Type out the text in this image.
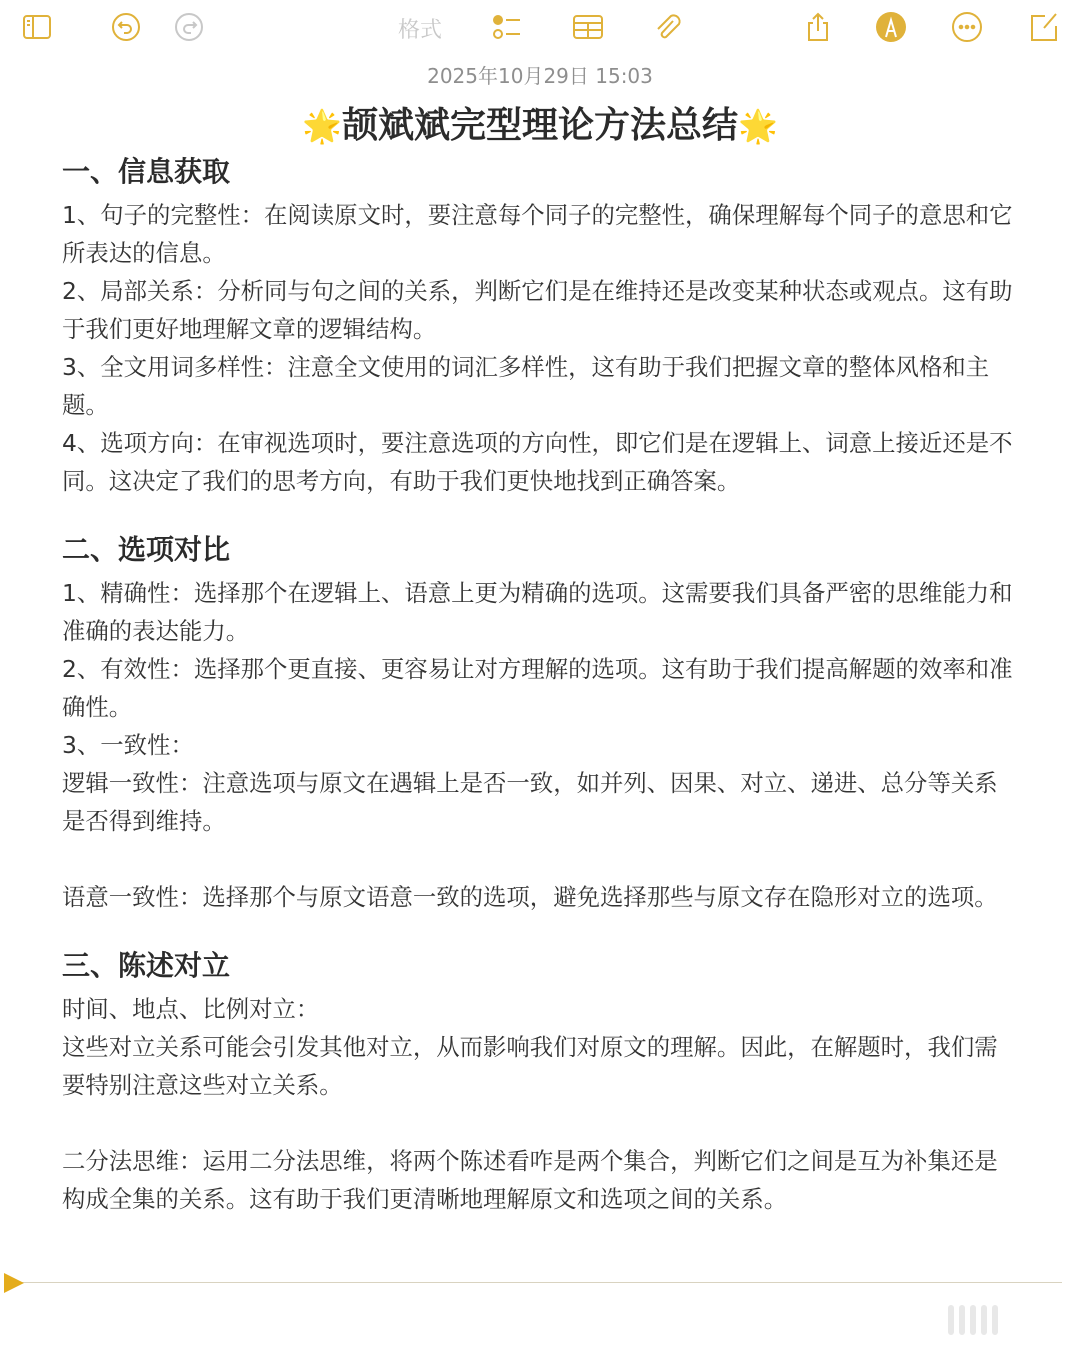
格式
2025年10月29日 15:03
🌟颉斌斌完型理论方法总结🌟
一、信息获取

1、句子的完整性：在阅读原文时，要注意每个同子的完整性，确保理解每个同子的意思和它所表达的信息。

2、局部关系：分析同与句之间的关系，判断它们是在维持还是改变某种状态或观点。这有助于我们更好地理解文章的逻辑结构。

3、全文用词多样性：注意全文使用的词汇多样性，这有助于我们把握文章的整体风格和主题。

4、选项方向：在审视选项时，要注意选项的方向性，即它们是在逻辑上、词意上接近还是不同。这决定了我们的思考方向，有助于我们更快地找到正确答案。

二、选项对比

1、精确性：选择那个在逻辑上、语意上更为精确的选项。这需要我们具备严密的思维能力和准确的表达能力。

2、有效性：选择那个更直接、更容易让对方理解的选项。这有助于我们提高解题的效率和准确性。

3、一致性：

逻辑一致性：注意选项与原文在遇辑上是否一致，如并列、因果、对立、递进、总分等关系是否得到维持。

语意一致性：选择那个与原文语意一致的选项，避免选择那些与原文存在隐形对立的选项。

三、陈述对立

时间、地点、比例对立：

这些对立关系可能会引发其他对立，从而影响我们对原文的理解。因此，在解题时，我们需要特别注意这些对立关系。

二分法思维：运用二分法思维，将两个陈述看咋是两个集合，判断它们之间是互为补集还是构成全集的关系。这有助于我们更清晰地理解原文和选项之间的关系。
